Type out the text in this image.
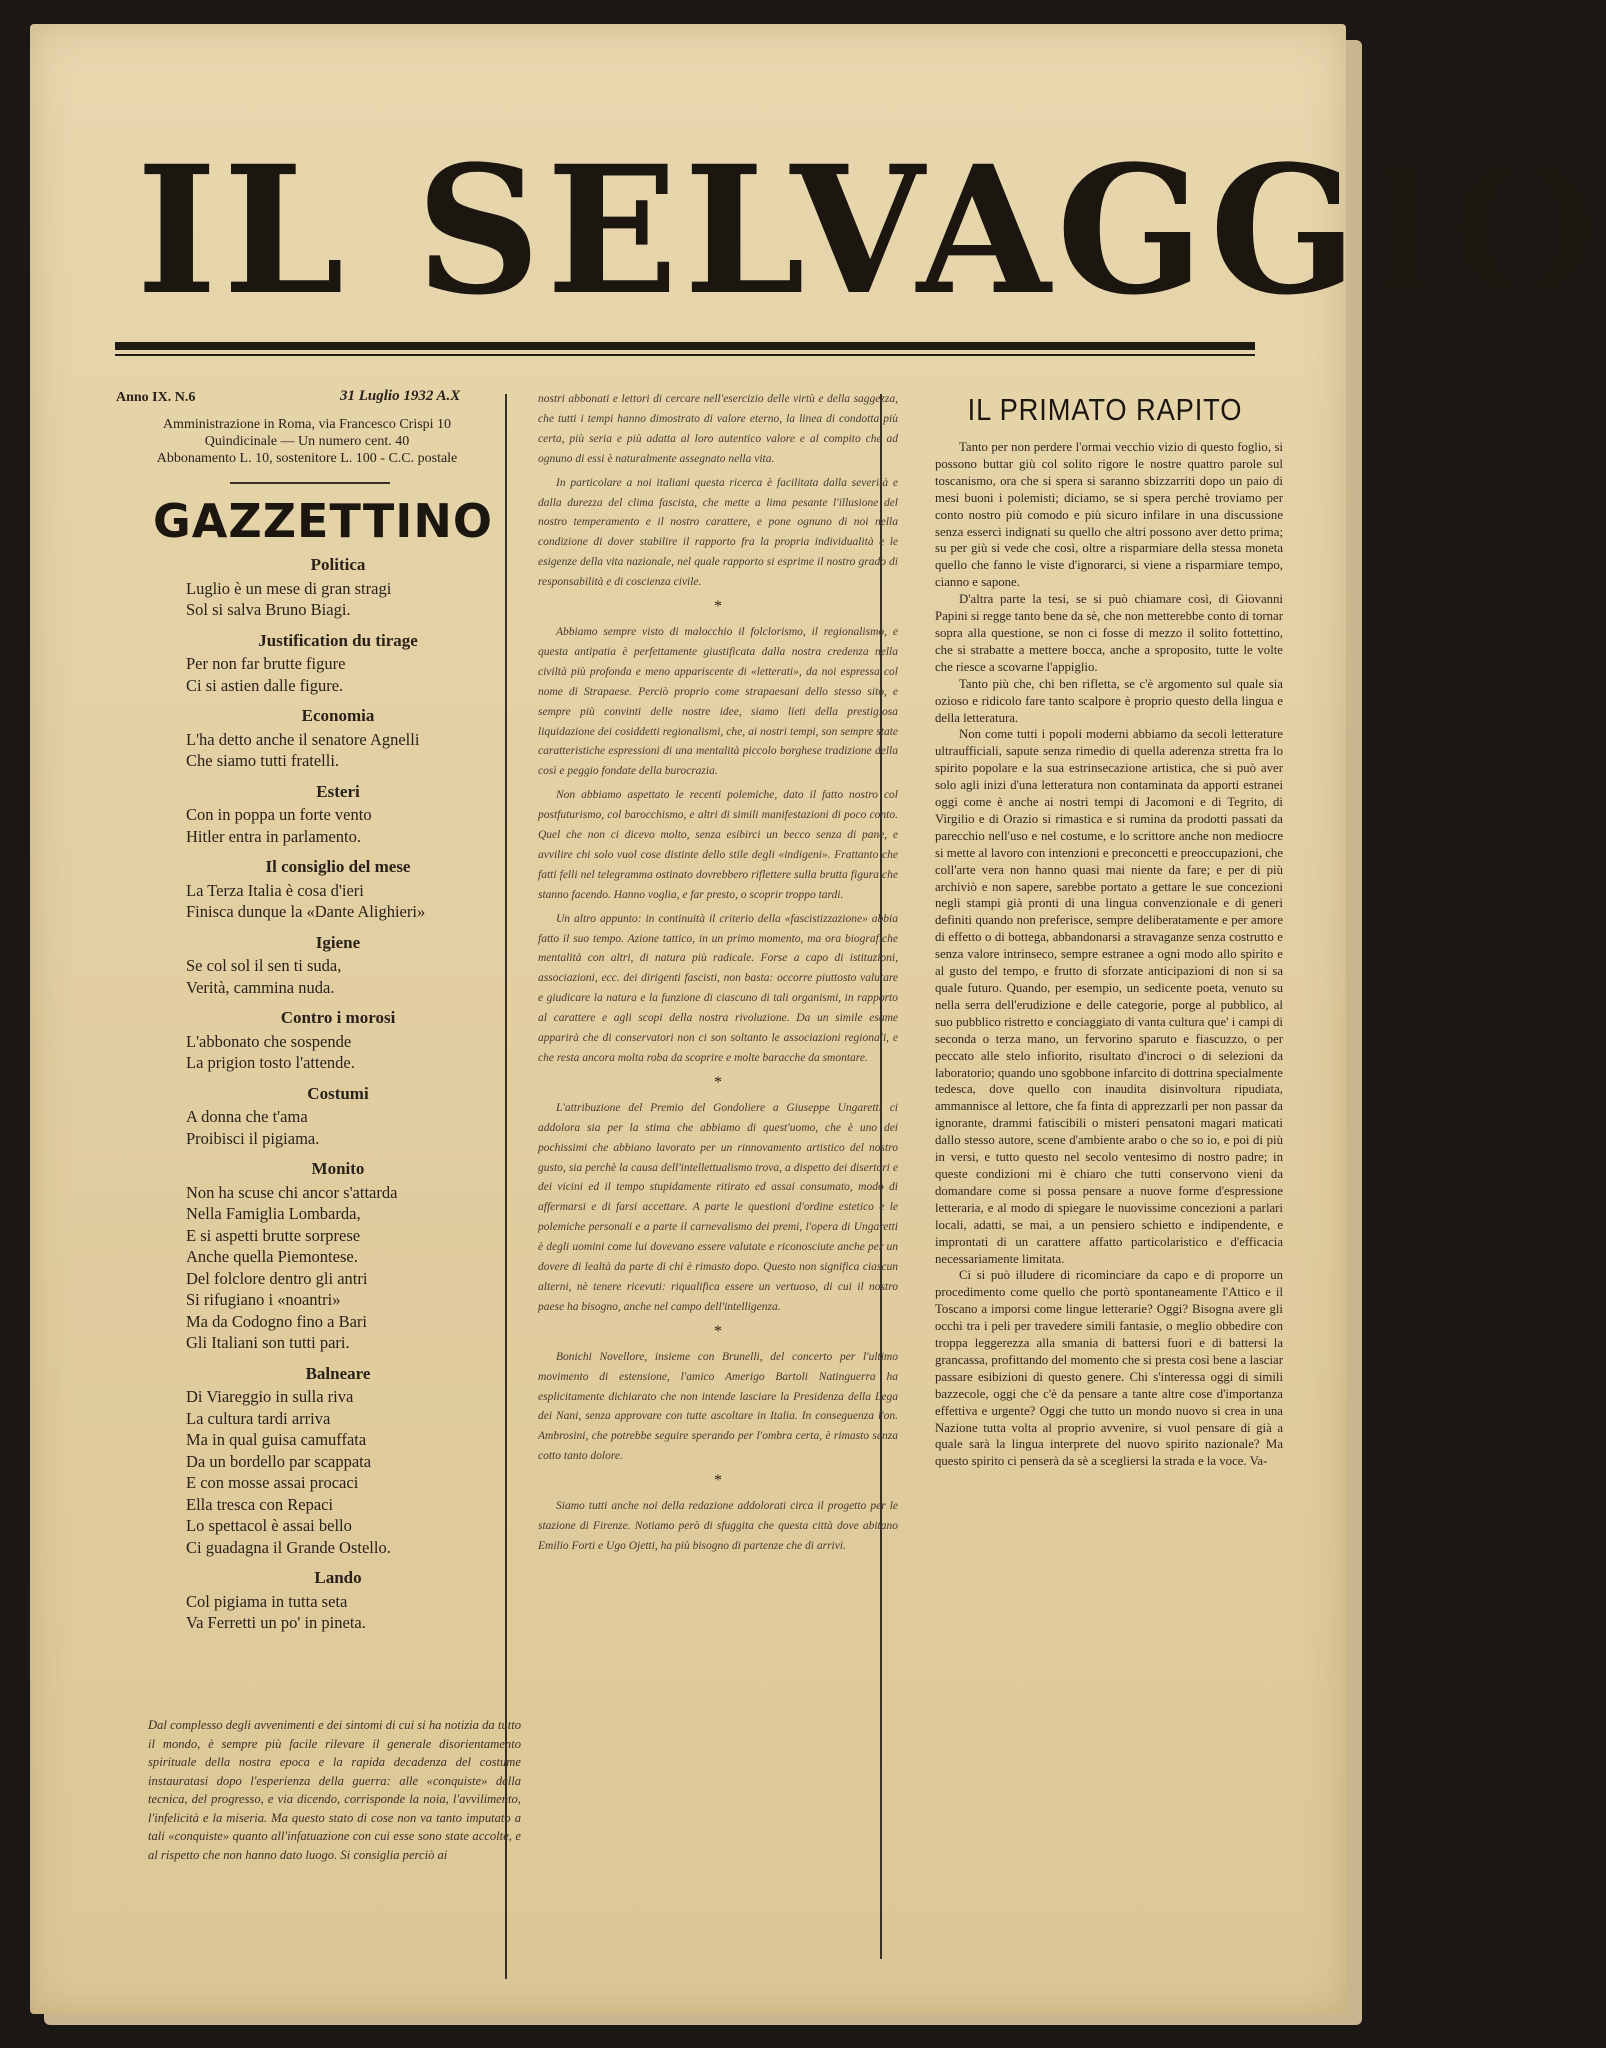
IL SELVAGGIO
Anno IX. N.6	31 Luglio 1932 A.X
Amministrazione in Roma, via Francesco Crispi 10
Quindicinale — Un numero cent. 40
Abbonamento L. 10, sostenitore L. 100 - C.C. postale
GAZZETTINO
Politica
Luglio è un mese di gran stragi
Sol si salva Bruno Biagi.
Justification du tirage
Per non far brutte figure
Ci si astien dalle figure.
Economia
L'ha detto anche il senatore Agnelli
Che siamo tutti fratelli.
Esteri
Con in poppa un forte vento
Hitler entra in parlamento.
Il consiglio del mese
La Terza Italia è cosa d'ieri
Finisca dunque la «Dante Alighieri»
Igiene
Se col sol il sen ti suda,
Verità, cammina nuda.
Contro i morosi
L'abbonato che sospende
La prigion tosto l'attende.
Costumi
A donna che t'ama
Proibisci il pigiama.
Monito
Non ha scuse chi ancor s'attarda
Nella Famiglia Lombarda,
E si aspetti brutte sorprese
Anche quella Piemontese.
Del folclore dentro gli antri
Si rifugiano i «noantri»
Ma da Codogno fino a Bari
Gli Italiani son tutti pari.
Balneare
Di Viareggio in sulla riva
La cultura tardi arriva
Ma in qual guisa camuffata
Da un bordello par scappata
E con mosse assai procaci
Ella tresca con Repaci
Lo spettacol è assai bello
Ci guadagna il Grande Ostello.
Lando
Col pigiama in tutta seta
Va Ferretti un po' in pineta.
Dal complesso degli avvenimenti e dei sintomi di cui si ha notizia da tutto il mondo, è sempre più facile rilevare il generale disorientamento spirituale della nostra epoca e la rapida decadenza del costume instauratasi dopo l'esperienza della guerra: alle «conquiste» della tecnica, del progresso, e via dicendo, corrisponde la noia, l'avvilimento, l'infelicità e la miseria. Ma questo stato di cose non va tanto imputato a tali «conquiste» quanto all'infatuazione con cui esse sono state accolte, e al rispetto che non hanno dato luogo. Si consiglia perciò ai

nostri abbonati e lettori di cercare nell'esercizio delle virtù e della saggezza, che tutti i tempi hanno dimostrato di valore eterno, la linea di condotta più certa, più seria e più adatta al loro autentico valore e al compito che ad ognuno di essi è naturalmente assegnato nella vita.

In particolare a noi italiani questa ricerca è facilitata dalla severità e dalla durezza del clima fascista, che mette a lima pesante l'illusione del nostro temperamento e il nostro carattere, e pone ognuno di noi nella condizione di dover stabilire il rapporto fra la propria individualità e le esigenze della vita nazionale, nel quale rapporto si esprime il nostro grado di responsabilità e di coscienza civile.

*

Abbiamo sempre visto di malocchio il folclorismo, il regionalismo, e questa antipatia è perfettamente giustificata dalla nostra credenza nella civiltà più profonda e meno appariscente di «letterati», da noi espressa col nome di Strapaese. Perciò proprio come strapaesani dello stesso sito, e sempre più convinti delle nostre idee, siamo lieti della prestigiosa liquidazione dei cosiddetti regionalismi, che, ai nostri tempi, son sempre state caratteristiche espressioni di una mentalità piccolo borghese tradizione della così e peggio fondate della burocrazia.

Non abbiamo aspettato le recenti polemiche, dato il fatto nostro col postfuturismo, col barocchismo, e altri di simili manifestazioni di poco conto. Quel che non ci dicevo molto, senza esibirci un becco senza di pane, e avvilire chi solo vuol cose distinte dello stile degli «indigeni». Frattanto che fatti felli nel telegramma ostinato dovrebbero riflettere sulla brutta figura che stanno facendo. Hanno voglia, e far presto, o scoprir troppo tardi.

Un altro appunto: in continuità il criterio della «fascistizzazione» abbia fatto il suo tempo. Azione tattico, in un primo momento, ma ora biografiche mentalità con altri, di natura più radicale. Forse a capo di istituzioni, associazioni, ecc. dei dirigenti fascisti, non basta: occorre piuttosto valutare e giudicare la natura e la funzione di ciascuno di tali organismi, in rapporto al carattere e agli scopi della nostra rivoluzione. Da un simile esame apparirà che di conservatori non ci son soltanto le associazioni regionali, e che resta ancora molta roba da scoprire e molte baracche da smontare.

*

L'attribuzione del Premio del Gondoliere a Giuseppe Ungaretti ci addolora sia per la stima che abbiamo di quest'uomo, che è uno dei pochissimi che abbiano lavorato per un rinnovamento artistico del nostro gusto, sia perchè la causa dell'intellettualismo trova, a dispetto dei disertori e dei vicini ed il tempo stupidamente ritirato ed assai consumato, modo di affermarsi e di farsi accettare. A parte le questioni d'ordine estetico e le polemiche personali e a parte il carnevalismo dei premi, l'opera di Ungaretti è degli uomini come lui dovevano essere valutate e riconosciute anche per un dovere di lealtà da parte di chi è rimasto dopo. Questo non significa ciascun alterni, nè tenere ricevuti: riqualifica essere un vertuoso, di cui il nostro paese ha bisogno, anche nel campo dell'intelligenza.

*

Bonichi Novellore, insieme con Brunelli, del concerto per l'ultimo movimento di estensione, l'amico Amerigo Bartoli Natinguerra ha esplicitamente dichiarato che non intende lasciare la Presidenza della Lega dei Nani, senza approvare con tutte ascoltare in Italia. In conseguenza l'on. Ambrosini, che potrebbe seguire sperando per l'ombra certa, è rimasto senza cotto tanto dolore.

*

Siamo tutti anche noi della redazione addolorati circa il progetto per le stazione di Firenze. Notiamo però di sfuggita che questa città dove abitano Emilio Forti e Ugo Ojetti, ha più bisogno di partenze che di arrivi.

IL PRIMATO RAPITO

Tanto per non perdere l'ormai vecchio vizio di questo foglio, si possono buttar giù col solito rigore le nostre quattro parole sul toscanismo, ora che si spera si saranno sbizzarriti dopo un paio di mesi buoni i polemisti; diciamo, se si spera perchè troviamo per conto nostro più comodo e più sicuro infilare in una discussione senza esserci indignati su quello che altri possono aver detto prima; su per giù si vede che così, oltre a risparmiare della stessa moneta quello che fanno le viste d'ignorarci, si viene a risparmiare tempo, cianno e sapone.

D'altra parte la tesi, se si può chiamare così, di Giovanni Papini si regge tanto bene da sè, che non metterebbe conto di tornar sopra alla questione, se non ci fosse di mezzo il solito fottettino, che si strabatte a mettere bocca, anche a sproposito, tutte le volte che riesce a scovarne l'appiglio.

Tanto più che, chi ben rifletta, se c'è argomento sul quale sia ozioso e ridicolo fare tanto scalpore è proprio questo della lingua e della letteratura.

Non come tutti i popoli moderni abbiamo da secoli letterature ultraufficiali, sapute senza rimedio di quella aderenza stretta fra lo spirito popolare e la sua estrinsecazione artistica, che si può aver solo agli inizi d'una letteratura non contaminata da apporti estranei oggi come è anche ai nostri tempi di Jacomoni e di Tegrito, di Virgilio e di Orazio si rimastica e si rumina da prodotti passati da parecchio nell'uso e nel costume, e lo scrittore anche non mediocre si mette al lavoro con intenzioni e preconcetti e preoccupazioni, che coll'arte vera non hanno quasi mai niente da fare; e per di più archiviò e non sapere, sarebbe portato a gettare le sue concezioni negli stampi già pronti di una lingua convenzionale e di generi definiti quando non preferisce, sempre deliberatamente e per amore di effetto o di bottega, abbandonarsi a stravaganze senza costrutto e senza valore intrinseco, sempre estranee a ogni modo allo spirito e al gusto del tempo, e frutto di sforzate anticipazioni di non si sa quale futuro. Quando, per esempio, un sedicente poeta, venuto su nella serra dell'erudizione e delle categorie, porge al pubblico, al suo pubblico ristretto e conciaggiato di vanta cultura que' i campi di seconda o terza mano, un fervorino sparuto e fiascuzzo, o per peccato alle stelo infiorito, risultato d'incroci o di selezioni da laboratorio; quando uno sgobbone infarcito di dottrina specialmente tedesca, dove quello con inaudita disinvoltura ripudiata, ammannisce al lettore, che fa finta di apprezzarli per non passar da ignorante, drammi fatiscibili o misteri pensatoni magari maticati dallo stesso autore, scene d'ambiente arabo o che so io, e poi di più in versi, e tutto questo nel secolo ventesimo di nostro padre; in queste condizioni mi è chiaro che tutti conservono vieni da domandare come si possa pensare a nuove forme d'espressione letteraria, e al modo di spiegare le nuovissime concezioni a parlari locali, adatti, se mai, a un pensiero schietto e indipendente, e improntati di un carattere affatto particolaristico e d'efficacia necessariamente limitata.

Ci si può illudere di ricominciare da capo e di proporre un procedimento come quello che portò spontaneamente l'Attico e il Toscano a imporsi come lingue letterarie? Oggi? Bisogna avere gli occhi tra i peli per travedere simili fantasie, o meglio obbedire con troppa leggerezza alla smania di battersi fuori e di battersi la grancassa, profittando del momento che si presta così bene a lasciar passare esibizioni di questo genere. Chi s'interessa oggi di simili bazzecole, oggi che c'è da pensare a tante altre cose d'importanza effettiva e urgente? Oggi che tutto un mondo nuovo si crea in una Nazione tutta volta al proprio avvenire, si vuol pensare di già a quale sarà la lingua interprete del nuovo spirito nazionale? Ma questo spirito ci penserà da sè a scegliersi la strada e la voce. Va-
